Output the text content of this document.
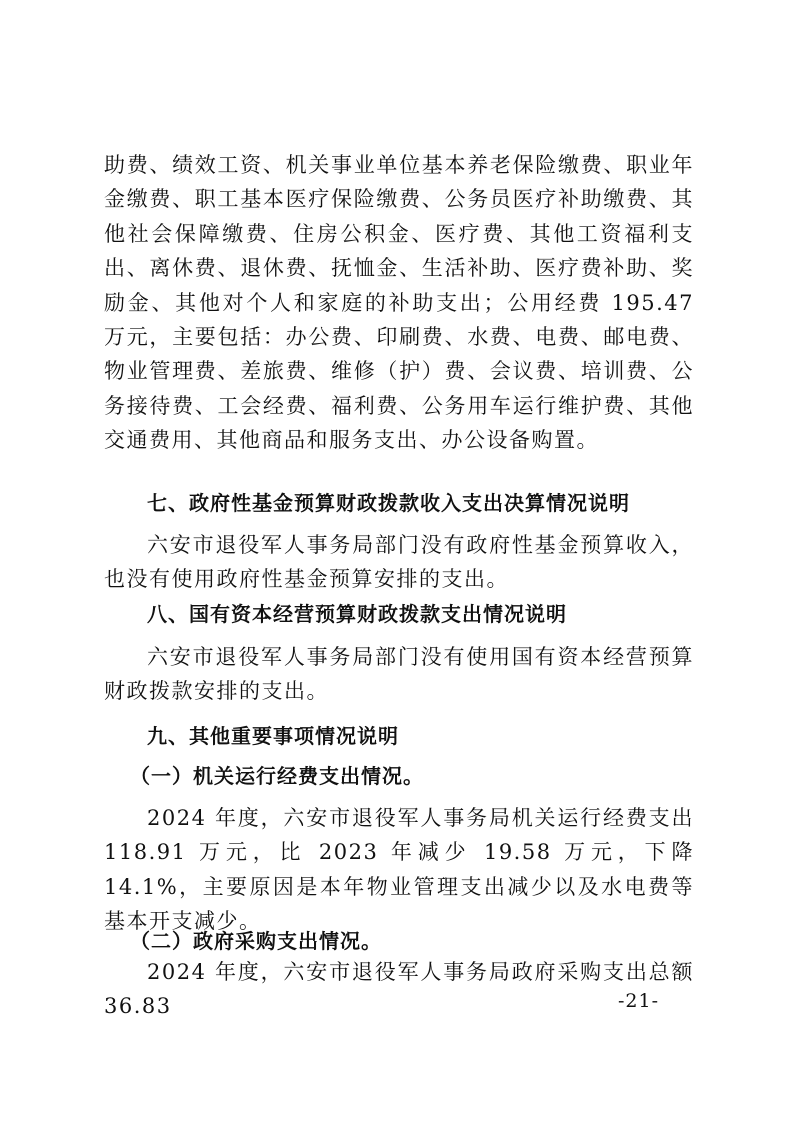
助费、绩效工资、机关事业单位基本养老保险缴费、职业年金缴费、职工基本医疗保险缴费、公务员医疗补助缴费、其他社会保障缴费、住房公积金、医疗费、其他工资福利支出、离休费、退休费、抚恤金、生活补助、医疗费补助、奖励金、其他对个人和家庭的补助支出；公用经费 195.47 万元，主要包括：办公费、印刷费、水费、电费、邮电费、物业管理费、差旅费、维修（护）费、会议费、培训费、公务接待费、工会经费、福利费、公务用车运行维护费、其他交通费用、其他商品和服务支出、办公设备购置。

七、政府性基金预算财政拨款收入支出决算情况说明

六安市退役军人事务局部门没有政府性基金预算收入，也没有使用政府性基金预算安排的支出。

八、国有资本经营预算财政拨款支出情况说明

六安市退役军人事务局部门没有使用国有资本经营预算财政拨款安排的支出。

九、其他重要事项情况说明
（一）机关运行经费支出情况。

2024 年度，六安市退役军人事务局机关运行经费支出 118.91 万元，比 2023 年减少 19.58 万元，下降 14.1%，主要原因是本年物业管理支出减少以及水电费等基本开支减少。

（二）政府采购支出情况。

2024 年度，六安市退役军人事务局政府采购支出总额 36.83	-21-
